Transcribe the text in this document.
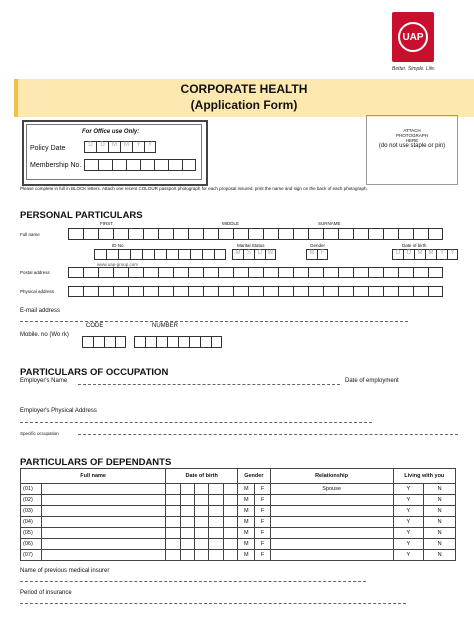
UAP
Better. Simple. Life.
CORPORATE HEALTH
(Application Form)
For Office use Only:
Policy Date	D	D	M	M	Y	Y
Membership No.
ATTACH
PHOTOGRAPH
HERE
(do not use staple or pin)
Please complete in full in BLOCK letters. Attach one recent COLOUR passport photograph for each proposal insured, print the name and sign on the back of each photograph.
PERSONAL PARTICULARS
FIRST	MIDDLE	SURNAME
Full name
ID No	Marital Status	Gender	Date of birth
www.uap-group.com
M	S	D W	M	F	D	D	M	M	Y	Y
Postal address
Physical address
E-mail address
CODE	NUMBER
Mobile. no (Wo rk)
PARTICULARS OF OCCUPATION
Employer's Name	Date of employment
Employer's Physical Address
Specific occupation
PARTICULARS OF DEPENDANTS
Full name		Date of birth					Gender		Relationship	Living with you	
(01)							M	F	Spouse	Y	N
(02)							M	F		Y	N
(03)							M	F		Y	N
(04)							M	F		Y	N
(05)							M	F		Y	N
(06)							M	F		Y	N
(07)							M	F		Y	N
Name of previous medical insurer
Period of insurance
